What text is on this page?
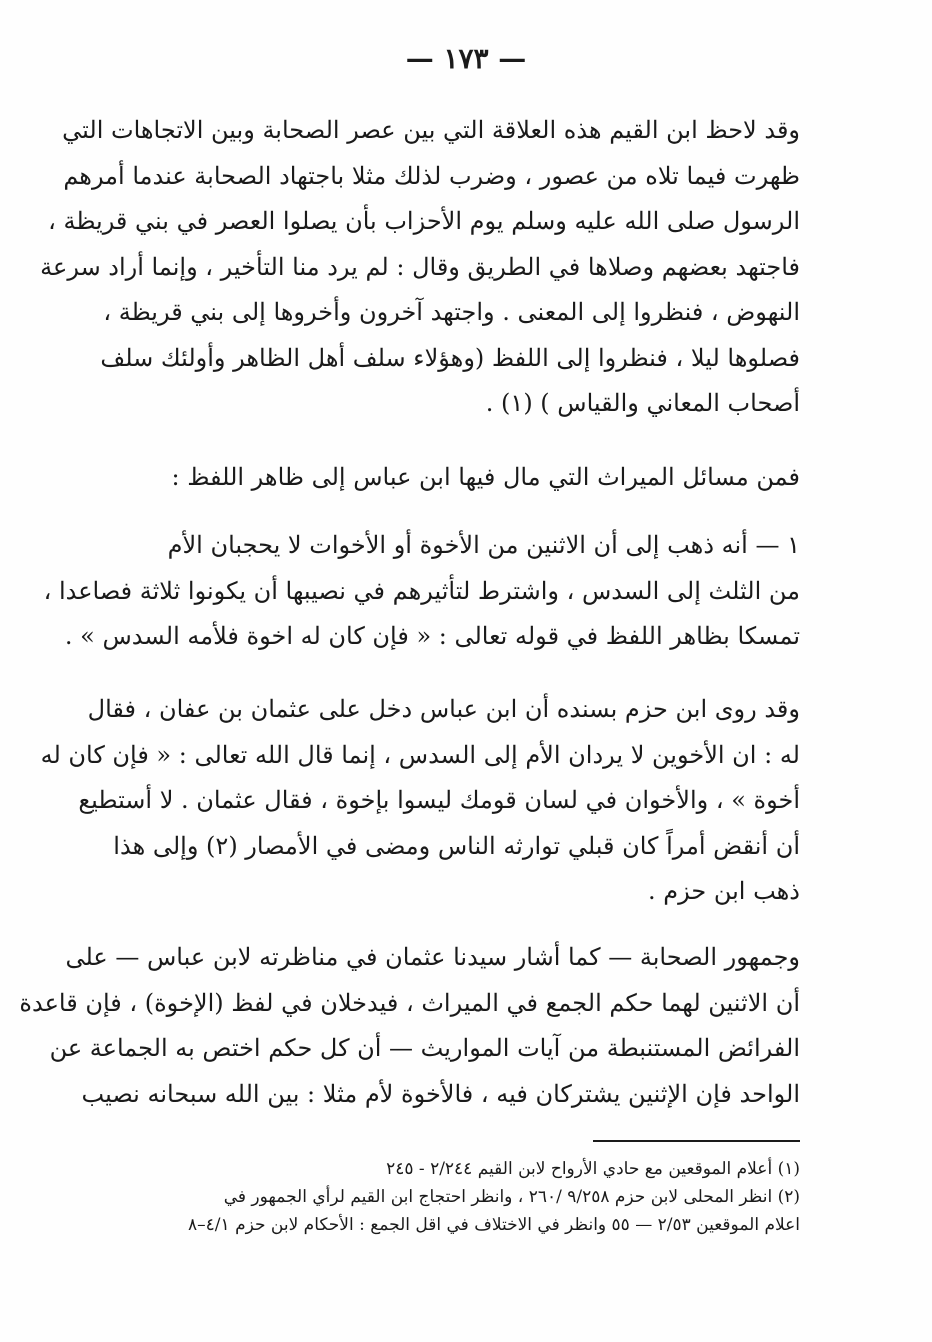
— ١٧٣ —
وقد لاحظ ابن القيم هذه العلاقة التي بين عصر الصحابة وبين الاتجاهات التي
ظهرت فيما تلاه من عصور ، وضرب لذلك مثلا باجتهاد الصحابة عندما أمرهم
الرسول صلى الله عليه وسلم يوم الأحزاب بأن يصلوا العصر في بني قريظة ،
فاجتهد بعضهم وصلاها في الطريق وقال : لم يرد منا التأخير ، وإنما أراد سرعة
النهوض ، فنظروا إلى المعنى . واجتهد آخرون وأخروها إلى بني قريظة ،
فصلوها ليلا ، فنظروا إلى اللفظ (وهؤلاء سلف أهل الظاهر وأولئك سلف
أصحاب المعاني والقياس ) (١) .
فمن مسائل الميراث التي مال فيها ابن عباس إلى ظاهر اللفظ :
١ — أنه ذهب إلى أن الاثنين من الأخوة أو الأخوات لا يحجبان الأم
من الثلث إلى السدس ، واشترط لتأثيرهم في نصيبها أن يكونوا ثلاثة فصاعدا ،
تمسكا بظاهر اللفظ في قوله تعالى : « فإن كان له اخوة فلأمه السدس » .
وقد روى ابن حزم بسنده أن ابن عباس دخل على عثمان بن عفان ، فقال
له : ان الأخوين لا يردان الأم إلى السدس ، إنما قال الله تعالى : « فإن كان له
أخوة » ، والأخوان في لسان قومك ليسوا بإخوة ، فقال عثمان . لا أستطيع
أن أنقض أمراً كان قبلي توارثه الناس ومضى في الأمصار (٢) وإلى هذا
ذهب ابن حزم .
وجمهور الصحابة — كما أشار سيدنا عثمان في مناظرته لابن عباس — على
أن الاثنين لهما حكم الجمع في الميراث ، فيدخلان في لفظ (الإخوة) ، فإن قاعدة
الفرائض المستنبطة من آيات المواريث — أن كل حكم اختص به الجماعة عن
الواحد فإن الإثنين يشتركان فيه ، فالأخوة لأم مثلا : بين الله سبحانه نصيب
(١) أعلام الموقعين مع حادي الأرواح لابن القيم ٢/٢٤٤ - ٢٤٥
(٢) انظر المحلى لابن حزم ٩/٢٥٨ /٢٦٠ ، وانظر احتجاج ابن القيم لرأي الجمهور في
اعلام الموقعين ٢/٥٣ — ٥٥ وانظر في الاختلاف في اقل الجمع : الأحكام لابن حزم ٤/١–٨
